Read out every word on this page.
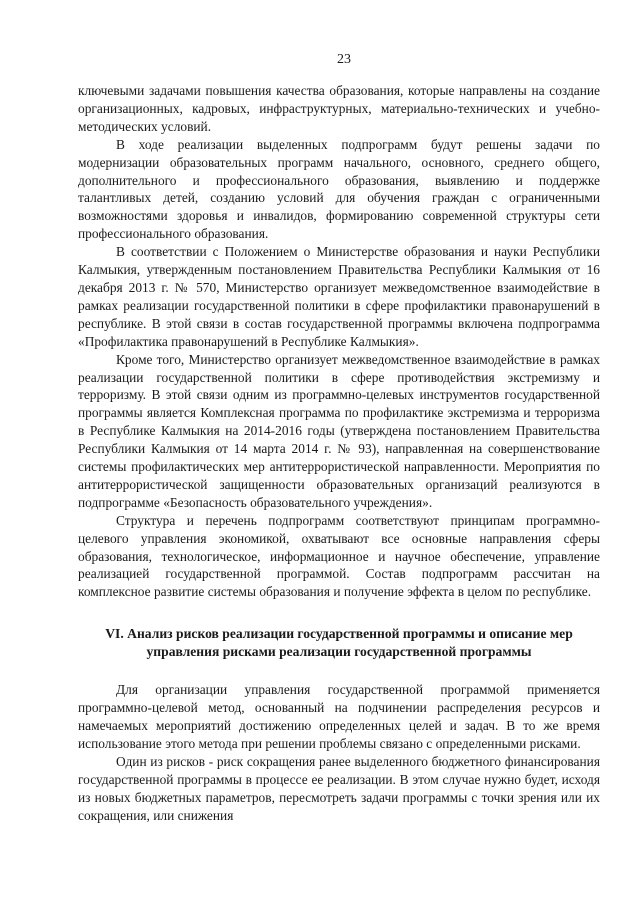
23

ключевыми задачами повышения качества образования, которые направлены на создание организационных, кадровых, инфраструктурных, материально-технических и учебно-методических условий.

В ходе реализации выделенных подпрограмм будут решены задачи по модернизации образовательных программ начального, основного, среднего общего, дополнительного и профессионального образования, выявлению и поддержке талантливых детей, созданию условий для обучения граждан с ограниченными возможностями здоровья и инвалидов, формированию современной структуры сети профессионального образования.

В соответствии с Положением о Министерстве образования и науки Республики Калмыкия, утвержденным постановлением Правительства Республики Калмыкия от 16 декабря 2013 г. № 570, Министерство организует межведомственное взаимодействие в рамках реализации государственной политики в сфере профилактики правонарушений в республике. В этой связи в состав государственной программы включена подпрограмма «Профилактика правонарушений в Республике Калмыкия».

Кроме того, Министерство организует межведомственное взаимодействие в рамках реализации государственной политики в сфере противодействия экстремизму и терроризму. В этой связи одним из программно-целевых инструментов государственной программы является Комплексная программа по профилактике экстремизма и терроризма в Республике Калмыкия на 2014-2016 годы (утверждена постановлением Правительства Республики Калмыкия от 14 марта 2014 г. № 93), направленная на совершенствование системы профилактических мер антитеррористической направленности. Мероприятия по антитеррористической защищенности образовательных организаций реализуются в подпрограмме «Безопасность образовательного учреждения».

Структура и перечень подпрограмм соответствуют принципам программно-целевого управления экономикой, охватывают все основные направления сферы образования, технологическое, информационное и научное обеспечение, управление реализацией государственной программой. Состав подпрограмм рассчитан на комплексное развитие системы образования и получение эффекта в целом по республике.

VI. Анализ рисков реализации государственной программы и описание мер управления рисками реализации государственной программы

Для организации управления государственной программой применяется программно-целевой метод, основанный на подчинении распределения ресурсов и намечаемых мероприятий достижению определенных целей и задач. В то же время использование этого метода при решении проблемы связано с определенными рисками.

Один из рисков - риск сокращения ранее выделенного бюджетного финансирования государственной программы в процессе ее реализации. В этом случае нужно будет, исходя из новых бюджетных параметров, пересмотреть задачи программы с точки зрения или их сокращения, или снижения
